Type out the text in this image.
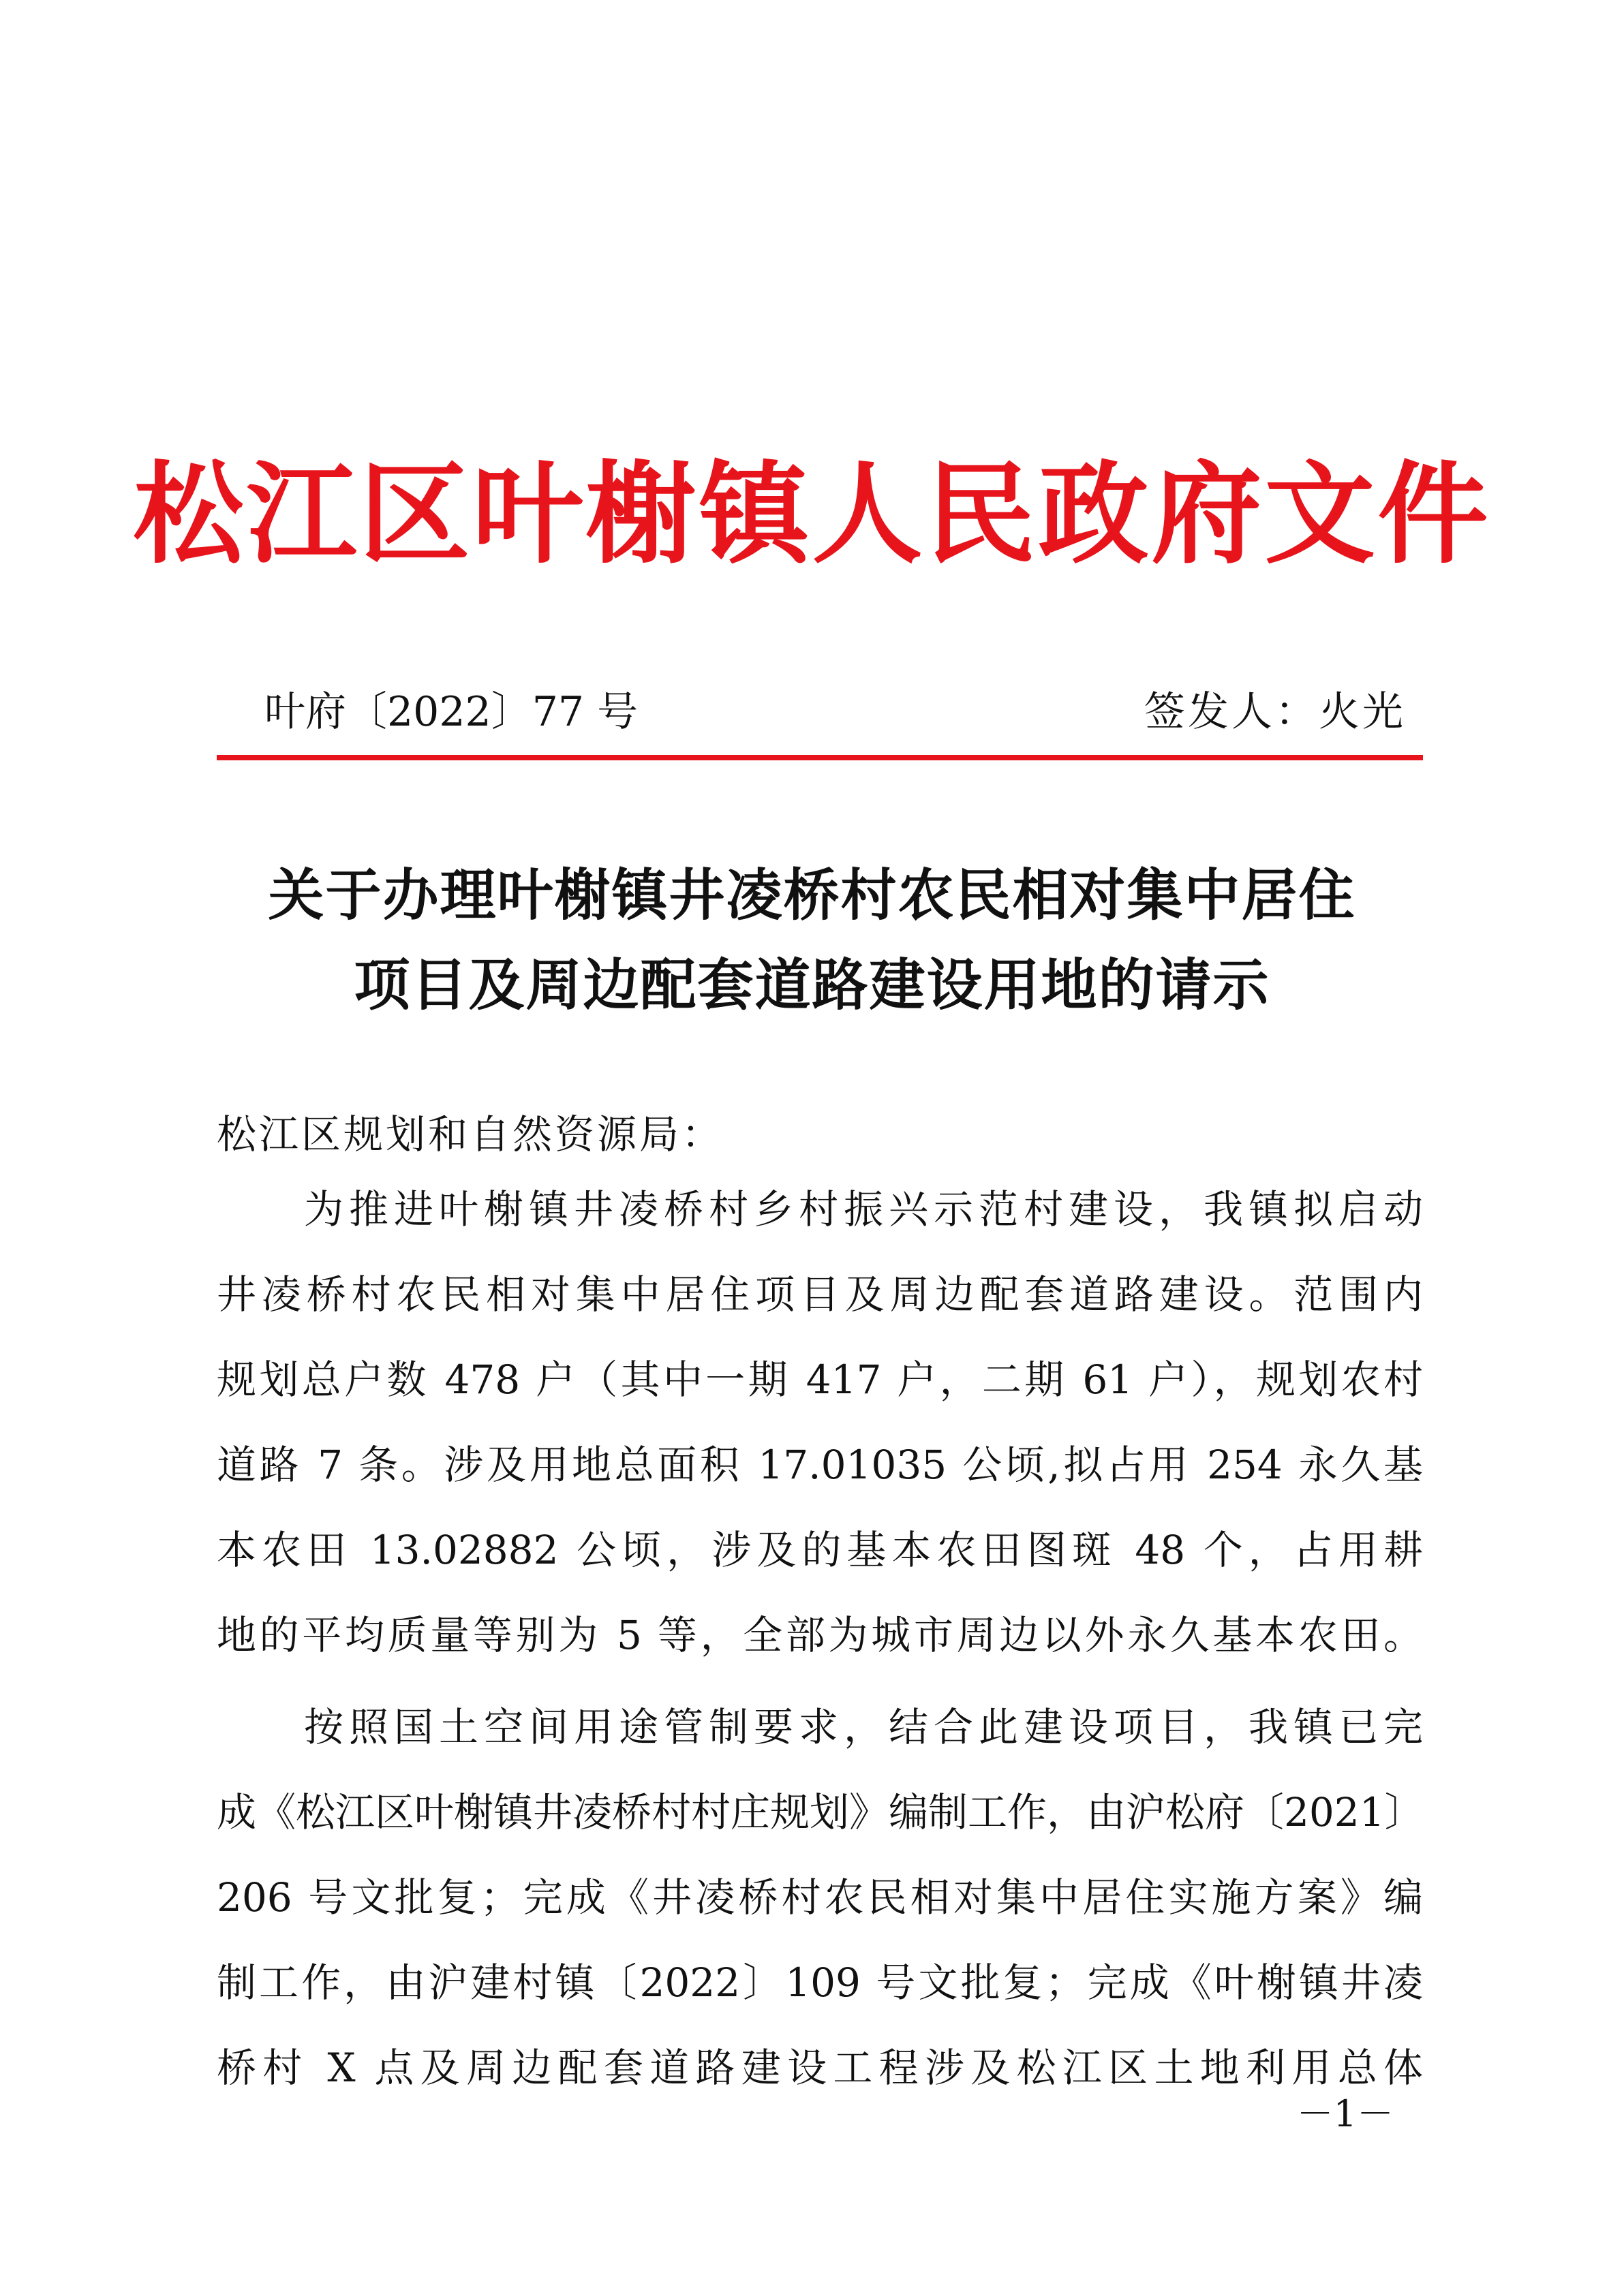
松江区叶榭镇人民政府文件
叶府〔2022〕77 号	签发人：火光
关于办理叶榭镇井凌桥村农民相对集中居住
项目及周边配套道路建设用地的请示
松江区规划和自然资源局：
为推进叶榭镇井凌桥村乡村振兴示范村建设，我镇拟启动
井凌桥村农民相对集中居住项目及周边配套道路建设。范围内
规划总户数 478 户（其中一期 417 户，二期 61 户），规划农村
道路 7 条。涉及用地总面积 17.01035 公顷,拟占用 254 永久基
本农田 13.02882 公顷，涉及的基本农田图斑 48 个，占用耕
地的平均质量等别为 5 等，全部为城市周边以外永久基本农田。
按照国土空间用途管制要求，结合此建设项目，我镇已完
成《松江区叶榭镇井凌桥村村庄规划》编制工作，由沪松府〔2021〕
206 号文批复；完成《井凌桥村农民相对集中居住实施方案》编
制工作，由沪建村镇〔2022〕109 号文批复；完成《叶榭镇井凌
桥村 X 点及周边配套道路建设工程涉及松江区土地利用总体
－1－
